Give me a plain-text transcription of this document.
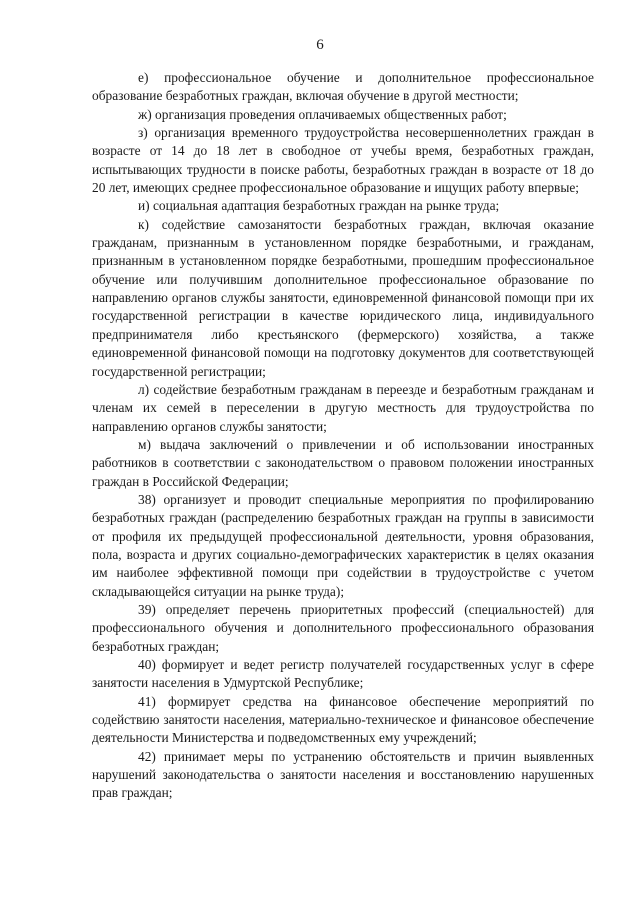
6

е) профессиональное обучение и дополнительное профессиональное образование безработных граждан, включая обучение в другой местности;

ж) организация проведения оплачиваемых общественных работ;

з) организация временного трудоустройства несовершеннолетних граждан в возрасте от 14 до 18 лет в свободное от учебы время, безработных граждан, испытывающих трудности в поиске работы, безработных граждан в возрасте от 18 до 20 лет, имеющих среднее профессиональное образование и ищущих работу впервые;

и) социальная адаптация безработных граждан на рынке труда;

к) содействие самозанятости безработных граждан, включая оказание гражданам, признанным в установленном порядке безработными, и гражданам, признанным в установленном порядке безработными, прошедшим профессиональное обучение или получившим дополнительное профессиональное образование по направлению органов службы занятости, единовременной финансовой помощи при их государственной регистрации в качестве юридического лица, индивидуального предпринимателя либо крестьянского (фермерского) хозяйства, а также единовременной финансовой помощи на подготовку документов для соответствующей государственной регистрации;

л) содействие безработным гражданам в переезде и безработным гражданам и членам их семей в переселении в другую местность для трудоустройства по направлению органов службы занятости;

м) выдача заключений о привлечении и об использовании иностранных работников в соответствии с законодательством о правовом положении иностранных граждан в Российской Федерации;

38) организует и проводит специальные мероприятия по профилированию безработных граждан (распределению безработных граждан на группы в зависимости от профиля их предыдущей профессиональной деятельности, уровня образования, пола, возраста и других социально-демографических характеристик в целях оказания им наиболее эффективной помощи при содействии в трудоустройстве с учетом складывающейся ситуации на рынке труда);

39) определяет перечень приоритетных профессий (специальностей) для профессионального обучения и дополнительного профессионального образования безработных граждан;

40) формирует и ведет регистр получателей государственных услуг в сфере занятости населения в Удмуртской Республике;

41) формирует средства на финансовое обеспечение мероприятий по содействию занятости населения, материально-техническое и финансовое обеспечение деятельности Министерства и подведомственных ему учреждений;

42) принимает меры по устранению обстоятельств и причин выявленных нарушений законодательства о занятости населения и восстановлению нарушенных прав граждан;
